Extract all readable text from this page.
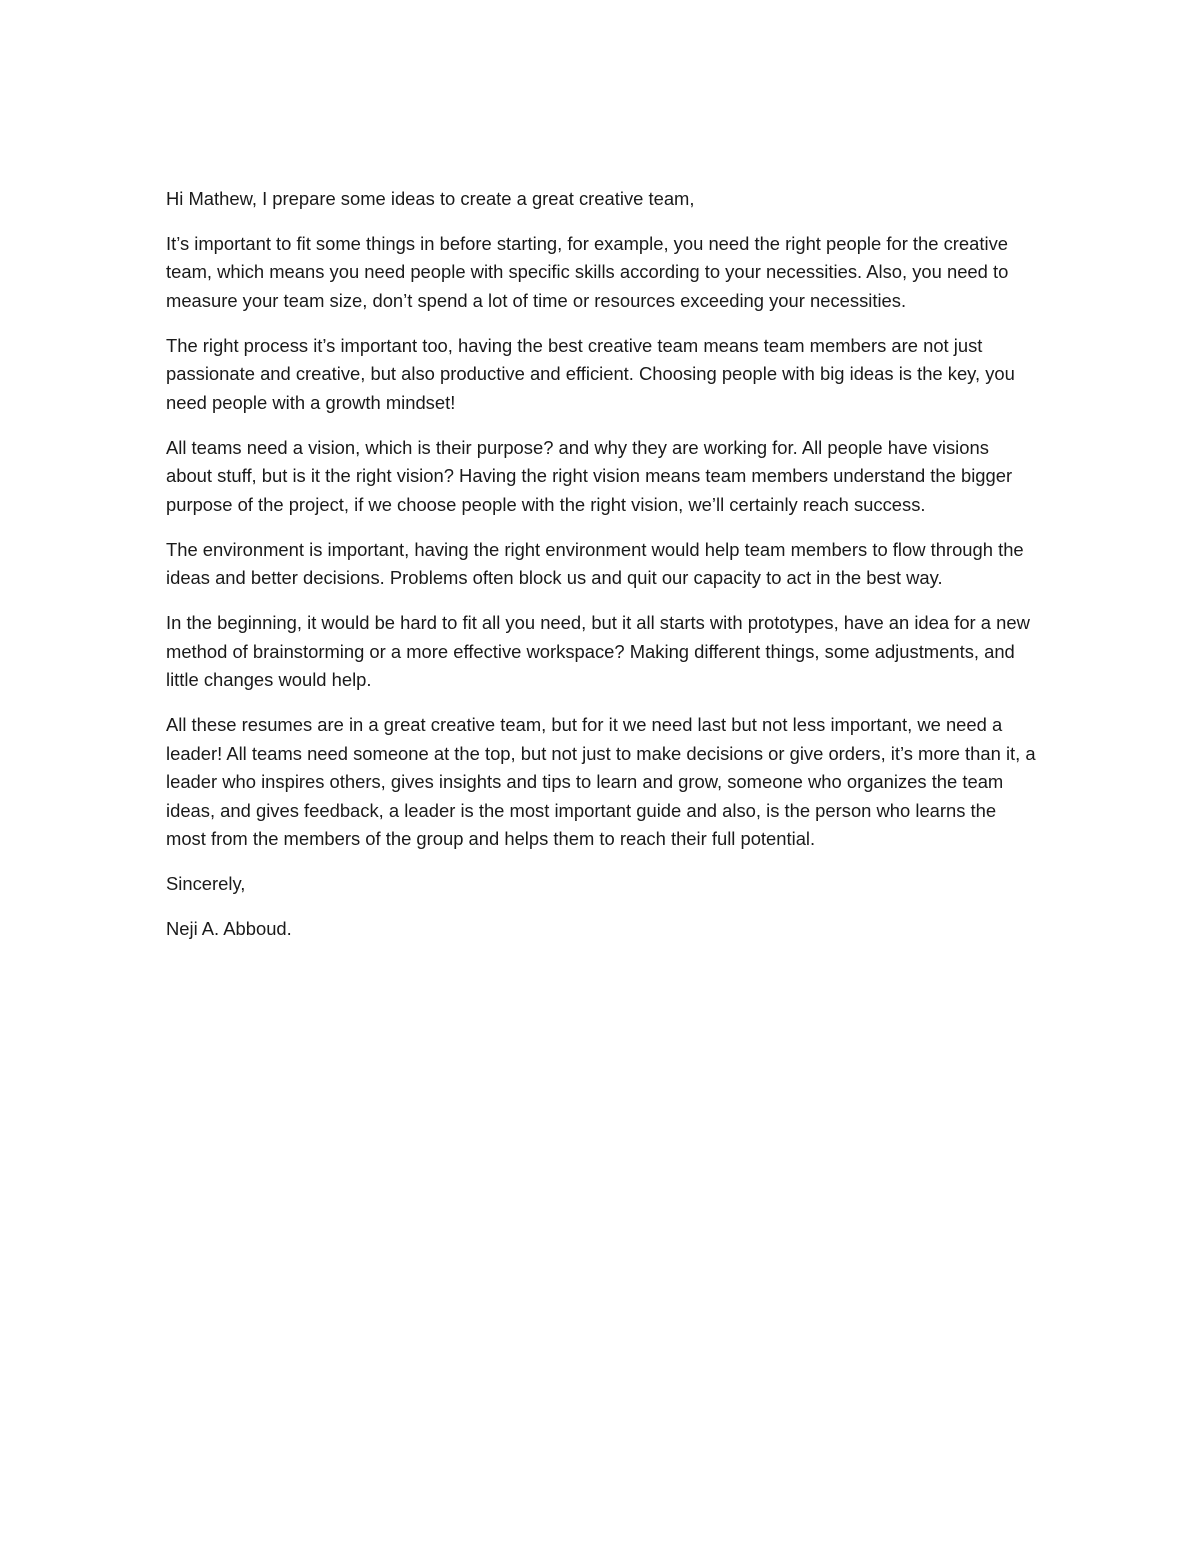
Hi Mathew, I prepare some ideas to create a great creative team,

It’s important to fit some things in before starting, for example, you need the right people for the creative team, which means you need people with specific skills according to your necessities. Also, you need to measure your team size, don’t spend a lot of time or resources exceeding your necessities.

The right process it’s important too, having the best creative team means team members are not just passionate and creative, but also productive and efficient. Choosing people with big ideas is the key, you need people with a growth mindset!

All teams need a vision, which is their purpose? and why they are working for. All people have visions about stuff, but is it the right vision? Having the right vision means team members understand the bigger purpose of the project, if we choose people with the right vision, we’ll certainly reach success.

The environment is important, having the right environment would help team members to flow through the ideas and better decisions. Problems often block us and quit our capacity to act in the best way.

In the beginning, it would be hard to fit all you need, but it all starts with prototypes, have an idea for a new method of brainstorming or a more effective workspace? Making different things, some adjustments, and little changes would help.

All these resumes are in a great creative team, but for it we need last but not less important, we need a leader! All teams need someone at the top, but not just to make decisions or give orders, it’s more than it, a leader who inspires others, gives insights and tips to learn and grow, someone who organizes the team ideas, and gives feedback, a leader is the most important guide and also, is the person who learns the most from the members of the group and helps them to reach their full potential.

Sincerely,

Neji A. Abboud.
